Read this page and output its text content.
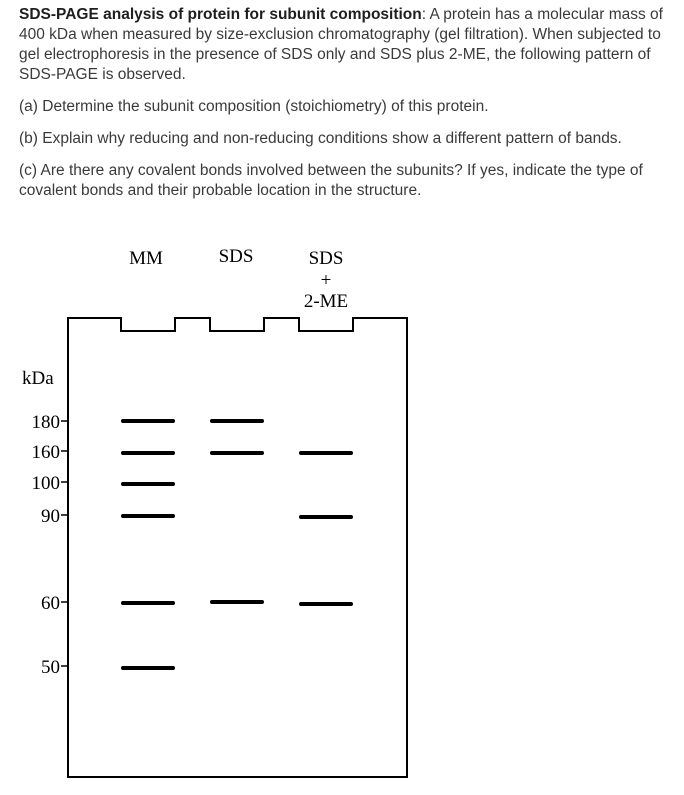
SDS-PAGE analysis of protein for subunit composition: A protein has a molecular mass of 400 kDa when measured by size-exclusion chromatography (gel filtration). When subjected to gel electrophoresis in the presence of SDS only and SDS plus 2-ME, the following pattern of SDS-PAGE is observed.

(a) Determine the subunit composition (stoichiometry) of this protein.

(b) Explain why reducing and non-reducing conditions show a different pattern of bands.

(c) Are there any covalent bonds involved between the subunits? If yes, indicate the type of covalent bonds and their probable location in the structure.

MM	SDS	SDS
+
2-ME
kDa
180
160
100
90
60
50
